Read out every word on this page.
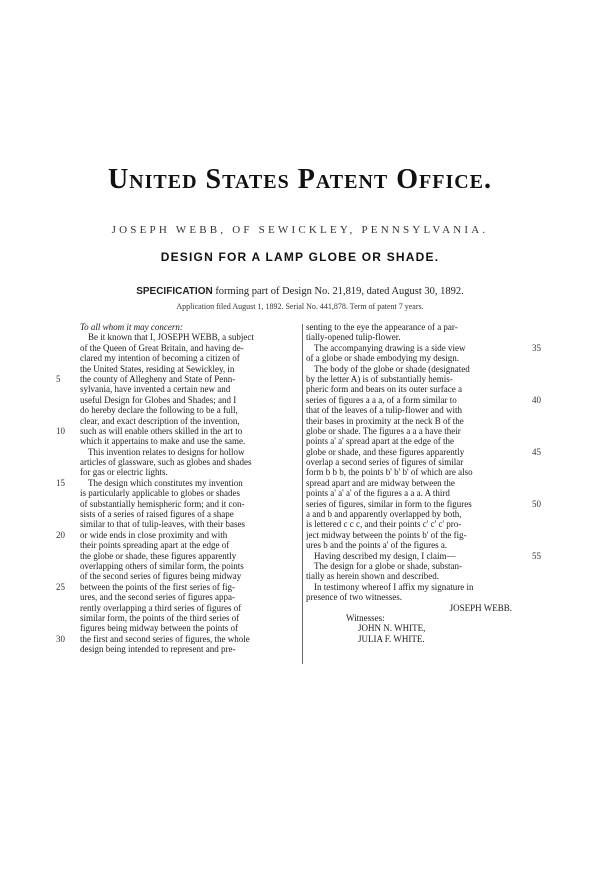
United States Patent Office.
JOSEPH WEBB, OF SEWICKLEY, PENNSYLVANIA.
DESIGN FOR A LAMP GLOBE OR SHADE.
SPECIFICATION forming part of Design No. 21,819, dated August 30, 1892.
Application filed August 1, 1892. Serial No. 441,878. Term of patent 7 years.
To all whom it may concern:
Be it known that I, JOSEPH WEBB, a subject
of the Queen of Great Britain, and having de-
clared my intention of becoming a citizen of
the United States, residing at Sewickley, in
the county of Allegheny and State of Penn-
sylvania, have invented a certain new and
useful Design for Globes and Shades; and I
do hereby declare the following to be a full,
clear, and exact description of the invention,
such as will enable others skilled in the art to
which it appertains to make and use the same.
This invention relates to designs for hollow
articles of glassware, such as globes and shades
for gas or electric lights.
The design which constitutes my invention
is particularly applicable to globes or shades
of substantially hemispheric form; and it con-
sists of a series of raised figures of a shape
similar to that of tulip-leaves, with their bases
or wide ends in close proximity and with
their points spreading apart at the edge of
the globe or shade, these figures apparently
overlapping others of similar form, the points
of the second series of figures being midway
between the points of the first series of fig-
ures, and the second series of figures appa-
rently overlapping a third series of figures of
similar form, the points of the third series of
figures being midway between the points of
the first and second series of figures, the whole
design being intended to represent and pre-
senting to the eye the appearance of a par-
tially-opened tulip-flower.
The accompanying drawing is a side view
of a globe or shade embodying my design.
The body of the globe or shade (designated
by the letter A) is of substantially hemis-
pheric form and bears on its outer surface a
series of figures a a a, of a form similar to
that of the leaves of a tulip-flower and with
their bases in proximity at the neck B of the
globe or shade. The figures a a a have their
points a' a' spread apart at the edge of the
globe or shade, and these figures apparently
overlap a second series of figures of similar
form b b b, the points b' b' b' of which are also
spread apart and are midway between the
points a' a' a' of the figures a a a. A third
series of figures, similar in form to the figures
a and b and apparently overlapped by both,
is lettered c c c, and their points c' c' c' pro-
ject midway between the points b' of the fig-
ures b and the points a' of the figures a.
Having described my design, I claim—
The design for a globe or shade, substan-
tially as herein shown and described.
In testimony whereof I affix my signature in
presence of two witnesses.
JOSEPH WEBB.
Witnesses:
JOHN N. WHITE,
JULIA F. WHITE.
5
10
15
20
25
30
35
40
45
50
55
